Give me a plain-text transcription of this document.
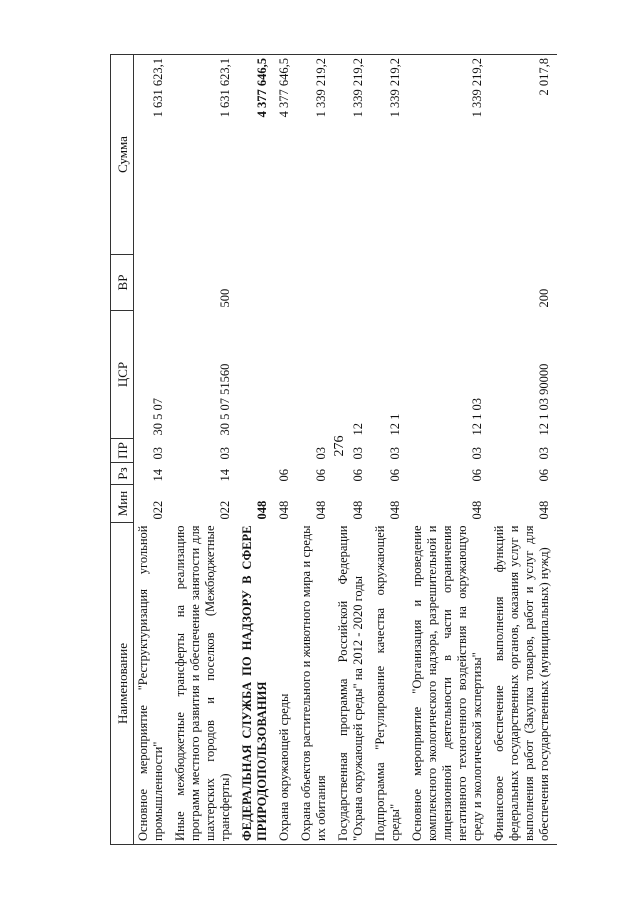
276
Наименование	Мин	Рз	ПР	ЦСР	ВР	Сумма
Основное мероприятие "Реструктуризация угольной промышленности"	022	14	03	30 5 07		1 631 623,1
Иные межбюджетные трансферты на реализацию программ местного развития и обеспечение занятости для шахтерских городов и поселков (Межбюджетные трансферты)	022	14	03	30 5 07 51560	500	1 631 623,1
ФЕДЕРАЛЬНАЯ СЛУЖБА ПО НАДЗОРУ В СФЕРЕ ПРИРОДОПОЛЬЗОВАНИЯ	048					4 377 646,5
Охрана окружающей среды	048	06				4 377 646,5
Охрана объектов растительного и животного мира и среды их обитания	048	06	03			1 339 219,2
Государственная программа Российской Федерации "Охрана окружающей среды" на 2012 - 2020 годы	048	06	03	12		1 339 219,2
Подпрограмма "Регулирование качества окружающей среды"	048	06	03	12 1		1 339 219,2
Основное мероприятие "Организация и проведение комплексного экологического надзора, разрешительной и лицензионной деятельности в части ограничения негативного техногенного воздействия на окружающую среду и экологической экспертизы"	048	06	03	12 1 03		1 339 219,2
Финансовое обеспечение выполнения функций федеральных государственных органов, оказания услуг и выполнения работ (Закупка товаров, работ и услуг для обеспечения государственных (муниципальных) нужд)	048	06	03	12 1 03 90000	200	2 017,8
